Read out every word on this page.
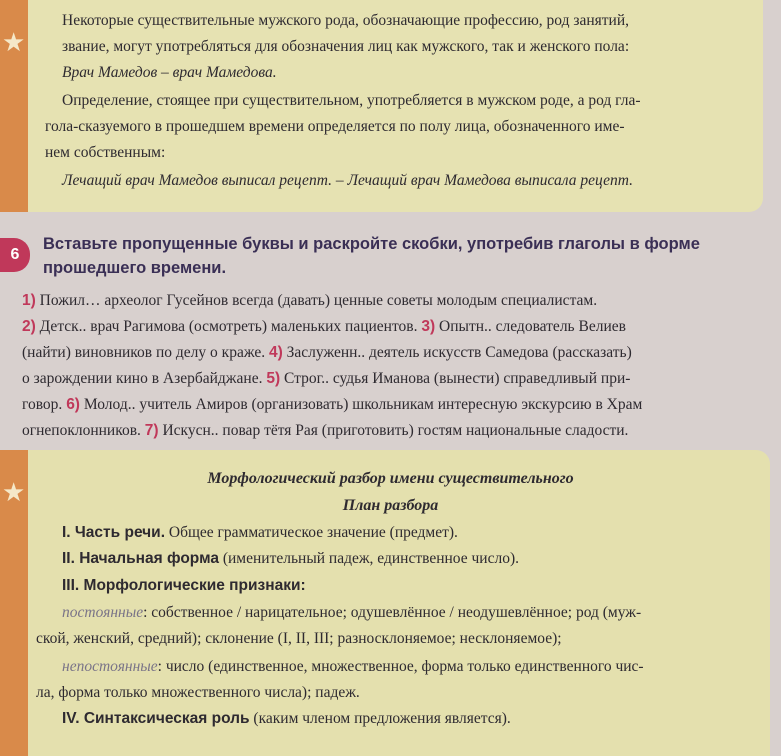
★
Некоторые существительные мужского рода, обозначающие профессию, род занятий,
звание, могут употребляться для обозначения лиц как мужского, так и женского пола:
Врач Мамедов – врач Мамедова.
Определение, стоящее при существительном, употребляется в мужском роде, а род гла-
гола-сказуемого в прошедшем времени определяется по полу лица, обозначенного име-
нем собственным:
Лечащий врач Мамедов выписал рецепт. – Лечащий врач Мамедова выписала рецепт.
6
Вставьте пропущенные буквы и раскройте скобки, употребив глаголы в форме прошедшего времени.
1) Пожил… археолог Гусейнов всегда (давать) ценные советы молодым специалистам.
2) Детск.. врач Рагимова (осмотреть) маленьких пациентов. 3) Опытн.. следователь Велиев
(найти) виновников по делу о краже. 4) Заслуженн.. деятель искусств Самедова (рассказать)
о зарождении кино в Азербайджане. 5) Строг.. судья Иманова (вынести) справедливый при-
говор. 6) Молод.. учитель Амиров (организовать) школьникам интересную экскурсию в Храм
огнепоклонников. 7) Искусн.. повар тётя Рая (приготовить) гостям национальные сладости.
★	Морфологический разбор имени существительного
План разбора
I. Часть речи. Общее грамматическое значение (предмет).
II. Начальная форма (именительный падеж, единственное число).
III. Морфологические признаки:
постоянные: собственное / нарицательное; одушевлённое / неодушевлённое; род (муж-
ской, женский, средний); склонение (I, II, III; разносклоняемое; несклоняемое);
непостоянные: число (единственное, множественное, форма только единственного чис-
ла, форма только множественного числа); падеж.
IV. Синтаксическая роль (каким членом предложения является).
